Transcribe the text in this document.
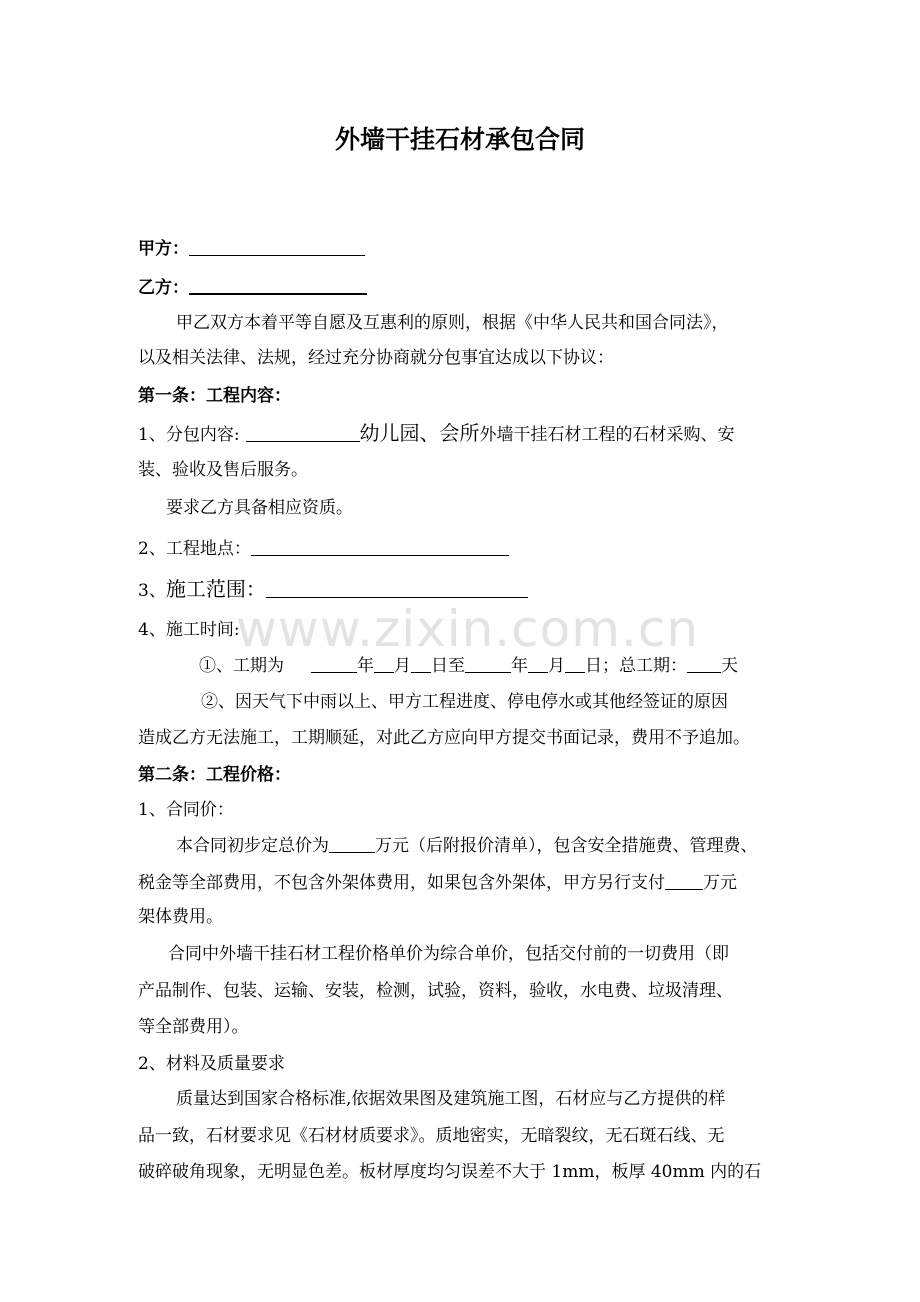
www.zixin.com.cn
外墙干挂石材承包合同
甲方：
乙方：
甲乙双方本着平等自愿及互惠利的原则，根据《中华人民共和国合同法》，
以及相关法律、法规，经过充分协商就分包事宜达成以下协议：
第一条：工程内容：
1、分包内容:	幼儿园、会所外墙干挂石材工程的石材采购、安
装、验收及售后服务。
要求乙方具备相应资质。
2、工程地点：
3、施工范围：
4、施工时间:
①、工期为	年 月 日至	年 月 日；总工期： 天
②、因天气下中雨以上、甲方工程进度、停电停水或其他经签证的原因
造成乙方无法施工，工期顺延，对此乙方应向甲方提交书面记录，费用不予追加。
第二条：工程价格：
1、合同价：
本合同初步定总价为	万元（后附报价清单），包含安全措施费、管理费、
税金等全部费用，不包含外架体费用，如果包含外架体，甲方另行支付 万元
架体费用。
合同中外墙干挂石材工程价格单价为综合单价，包括交付前的一切费用（即
产品制作、包装、运输、安装，检测，试验，资料，验收，水电费、垃圾清理、
等全部费用）。
2、材料及质量要求
质量达到国家合格标准,依据效果图及建筑施工图，石材应与乙方提供的样
品一致，石材要求见《石材材质要求》。质地密实，无暗裂纹，无石斑石线、无
破碎破角现象，无明显色差。板材厚度均匀误差不大于 1mm，板厚 40mm 内的石
